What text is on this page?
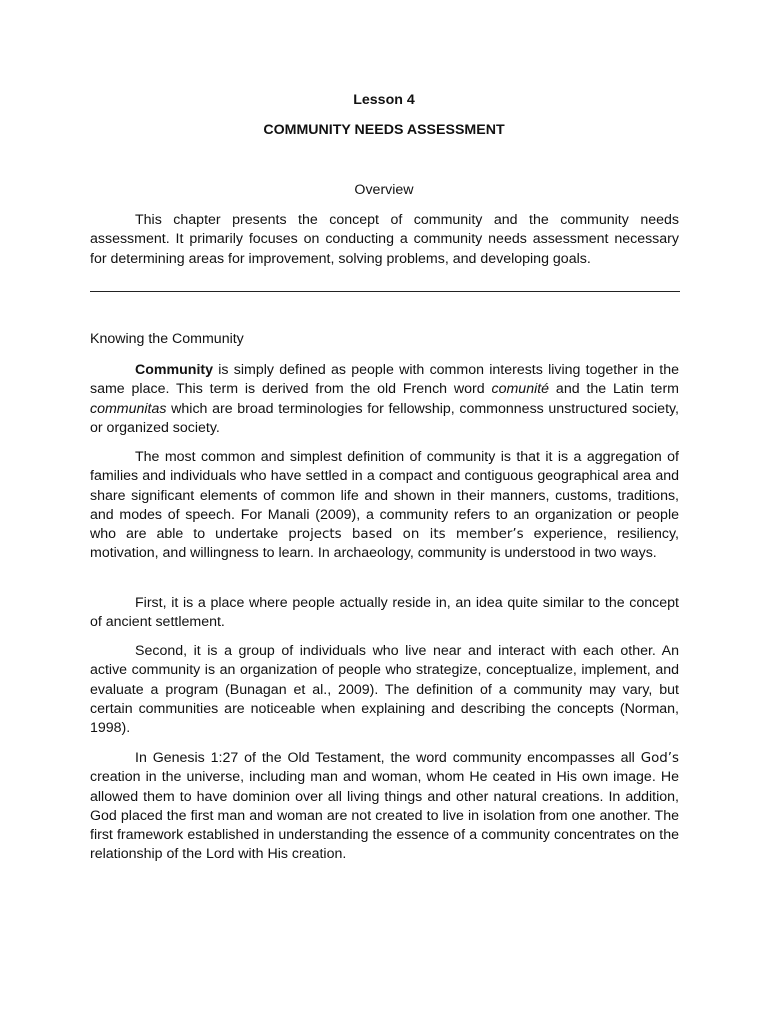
Lesson 4
COMMUNITY NEEDS ASSESSMENT
Overview

This chapter presents the concept of community and the community needs assessment. It primarily focuses on conducting a community needs assessment necessary for determining areas for improvement, solving problems, and developing goals.

Knowing the Community

Community is simply defined as people with common interests living together in the same place. This term is derived from the old French word comunité and the Latin term communitas which are broad terminologies for fellowship, commonness unstructured society, or organized society.

The most common and simplest definition of community is that it is a aggregation of families and individuals who have settled in a compact and contiguous geographical area and share significant elements of common life and shown in their manners, customs, traditions, and modes of speech. For Manali (2009), a community refers to an organization or people who are able to undertake projects based on its member’s experience, resiliency, motivation, and willingness to learn. In archaeology, community is understood in two ways.

First, it is a place where people actually reside in, an idea quite similar to the concept of ancient settlement.

Second, it is a group of individuals who live near and interact with each other. An active community is an organization of people who strategize, conceptualize, implement, and evaluate a program (Bunagan et al., 2009). The definition of a community may vary, but certain communities are noticeable when explaining and describing the concepts (Norman, 1998).

In Genesis 1:27 of the Old Testament, the word community encompasses all God’s creation in the universe, including man and woman, whom He ceated in His own image. He allowed them to have dominion over all living things and other natural creations. In addition, God placed the first man and woman are not created to live in isolation from one another. The first framework established in understanding the essence of a community concentrates on the relationship of the Lord with His creation.
